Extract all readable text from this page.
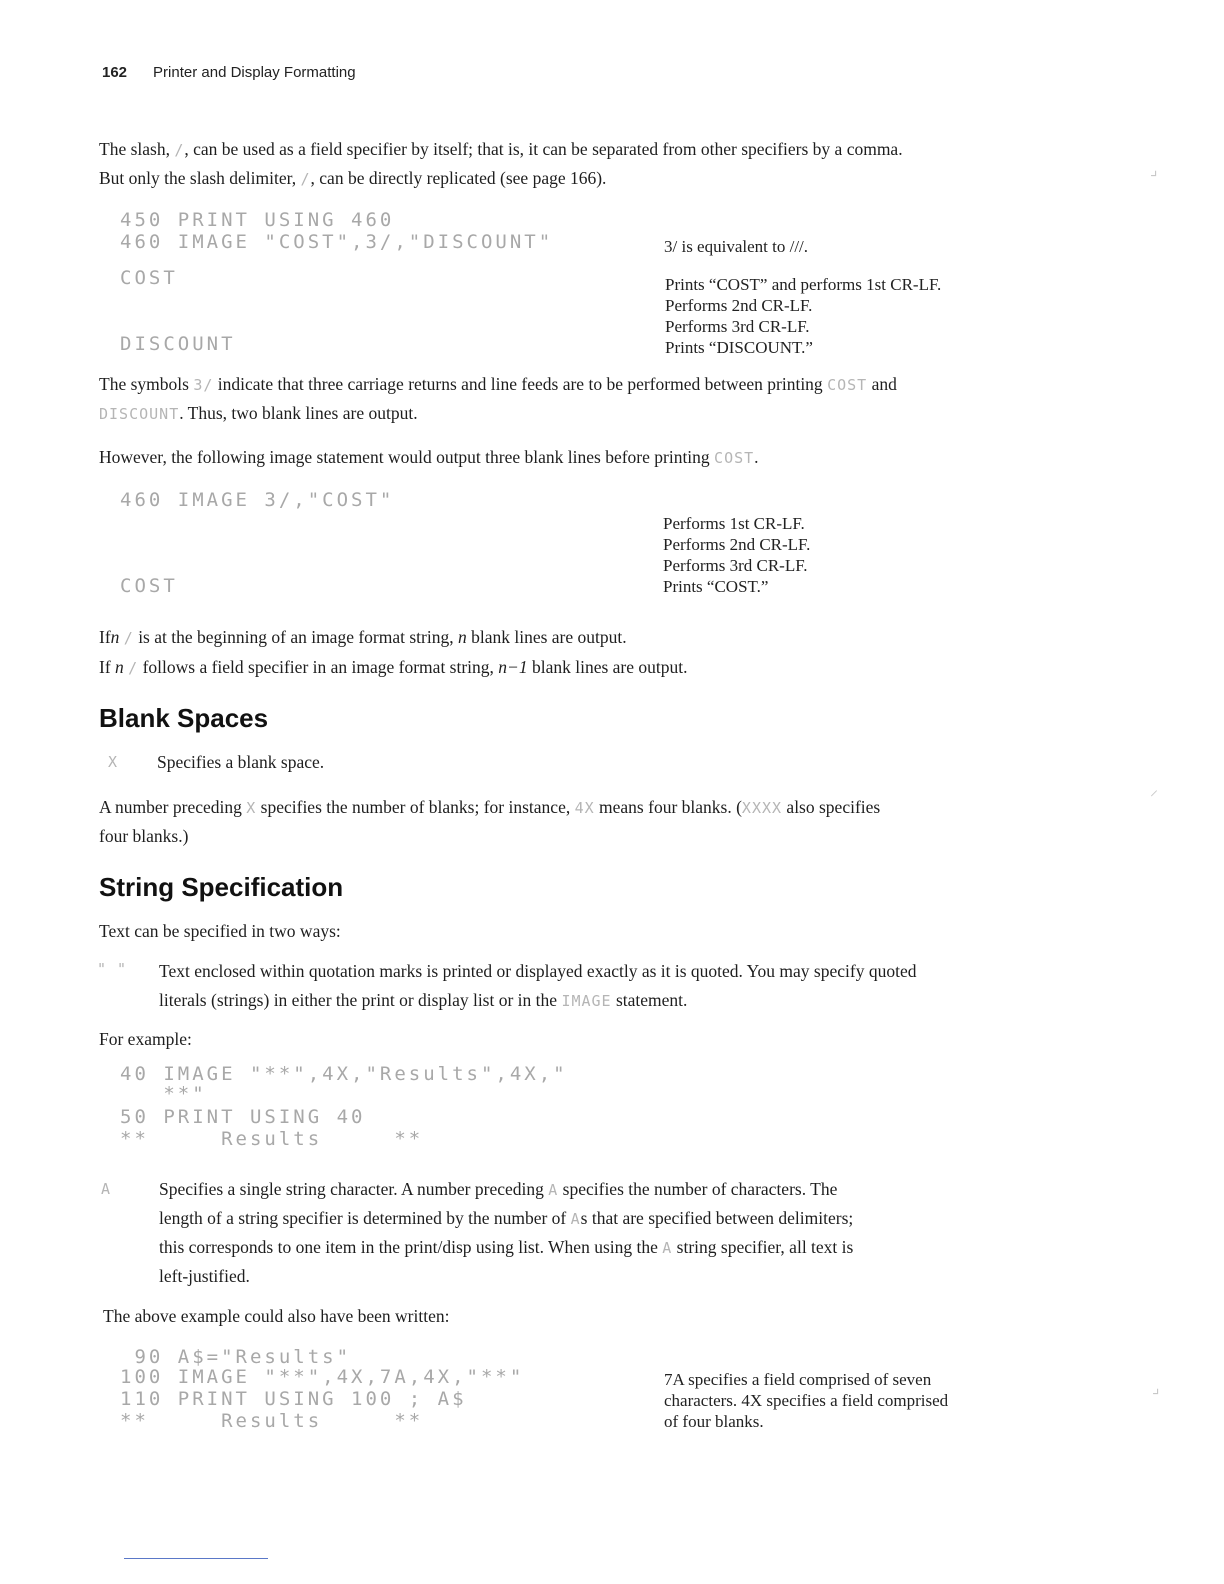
162 Printer and Display Formatting
The slash, /, can be used as a field specifier by itself; that is, it can be separated from other specifiers by a comma.
But only the slash delimiter, /, can be directly replicated (see page 166).	⌟
450 PRINT USING 460
460 IMAGE "COST",3/,"DISCOUNT"
COST
DISCOUNT
3/ is equivalent to ///.
Prints “COST” and performs 1st CR-LF.
Performs 2nd CR-LF.
Performs 3rd CR-LF.
Prints “DISCOUNT.”
The symbols 3/ indicate that three carriage returns and line feeds are to be performed between printing COST and
DISCOUNT. Thus, two blank lines are output.
However, the following image statement would output three blank lines before printing COST.
460 IMAGE 3/,"COST"
COST
Performs 1st CR-LF.
Performs 2nd CR-LF.
Performs 3rd CR-LF.
Prints “COST.”
Ifn / is at the beginning of an image format string, n blank lines are output.
If n / follows a field specifier in an image format string, n−1 blank lines are output.
Blank Spaces
X Specifies a blank space.
A number preceding X specifies the number of blanks; for instance, 4X means four blanks. (XXXX also specifies
four blanks.)
⸝
String Specification
Text can be specified in two ways:
" " Text enclosed within quotation marks is printed or displayed exactly as it is quoted. You may specify quoted
literals (strings) in either the print or display list or in the IMAGE statement.
For example:
40 IMAGE "**",4X,"Results",4X,"
**"
50 PRINT USING 40
**     Results     **
A	Specifies a single string character. A number preceding A specifies the number of characters. The
length of a string specifier is determined by the number of As that are specified between delimiters;
this corresponds to one item in the print/disp using list. When using the A string specifier, all text is
left-justified.
The above example could also have been written:
90 A$="Results"
100 IMAGE "**",4X,7A,4X,"**"
110 PRINT USING 100 ; A$
**     Results     **
7A specifies a field comprised of seven
characters. 4X specifies a field comprised
of four blanks.
⌟
